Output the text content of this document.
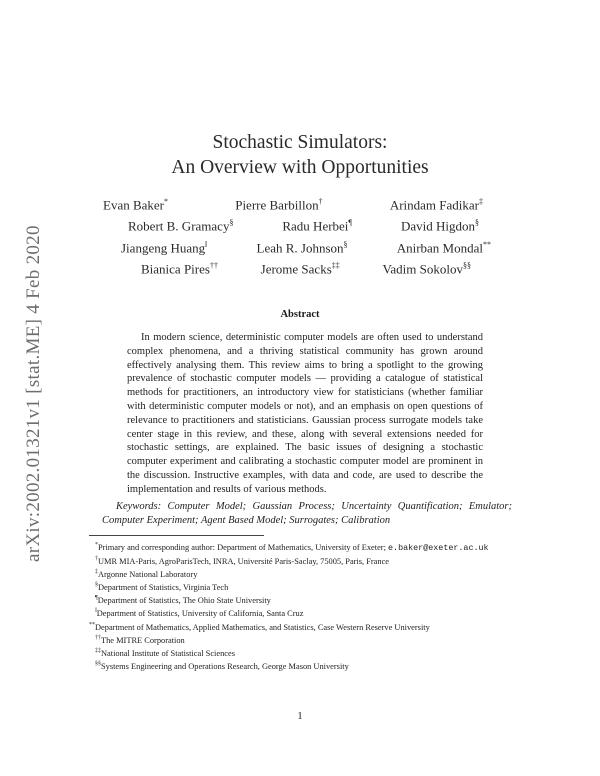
arXiv:2002.01321v1 [stat.ME] 4 Feb 2020
Stochastic Simulators:
An Overview with Opportunities
Evan Baker*	Pierre Barbillon†	Arindam Fadikar‡
Robert B. Gramacy§	Radu Herbei¶	David Higdon§
Jiangeng Huang‖	Leah R. Johnson§	Anirban Mondal**
Bianica Pires††	Jerome Sacks‡‡	Vadim Sokolov§§
Abstract
In modern science, deterministic computer models are often used to understand complex phenomena, and a thriving statistical community has grown around effectively analysing them. This review aims to bring a spotlight to the growing prevalence of stochastic computer models — providing a catalogue of statistical methods for practitioners, an introductory view for statisticians (whether familiar with deterministic computer models or not), and an emphasis on open questions of relevance to practitioners and statisticians. Gaussian process surrogate models take center stage in this review, and these, along with several extensions needed for stochastic settings, are explained. The basic issues of designing a stochastic computer experiment and calibrating a stochastic computer model are prominent in the discussion. Instructive examples, with data and code, are used to describe the implementation and results of various methods.
Keywords: Computer Model; Gaussian Process; Uncertainty Quantification; Emulator; Computer Experiment; Agent Based Model; Surrogates; Calibration
*Primary and corresponding author: Department of Mathematics, University of Exeter; e.baker@exeter.ac.uk
†UMR MIA-Paris, AgroParisTech, INRA, Université Paris-Saclay, 75005, Paris, France
‡Argonne National Laboratory
§Department of Statistics, Virginia Tech
¶Department of Statistics, The Ohio State University
‖Department of Statistics, University of California, Santa Cruz
**Department of Mathematics, Applied Mathematics, and Statistics, Case Western Reserve University
††The MITRE Corporation
‡‡National Institute of Statistical Sciences
§§Systems Engineering and Operations Research, George Mason University
1
